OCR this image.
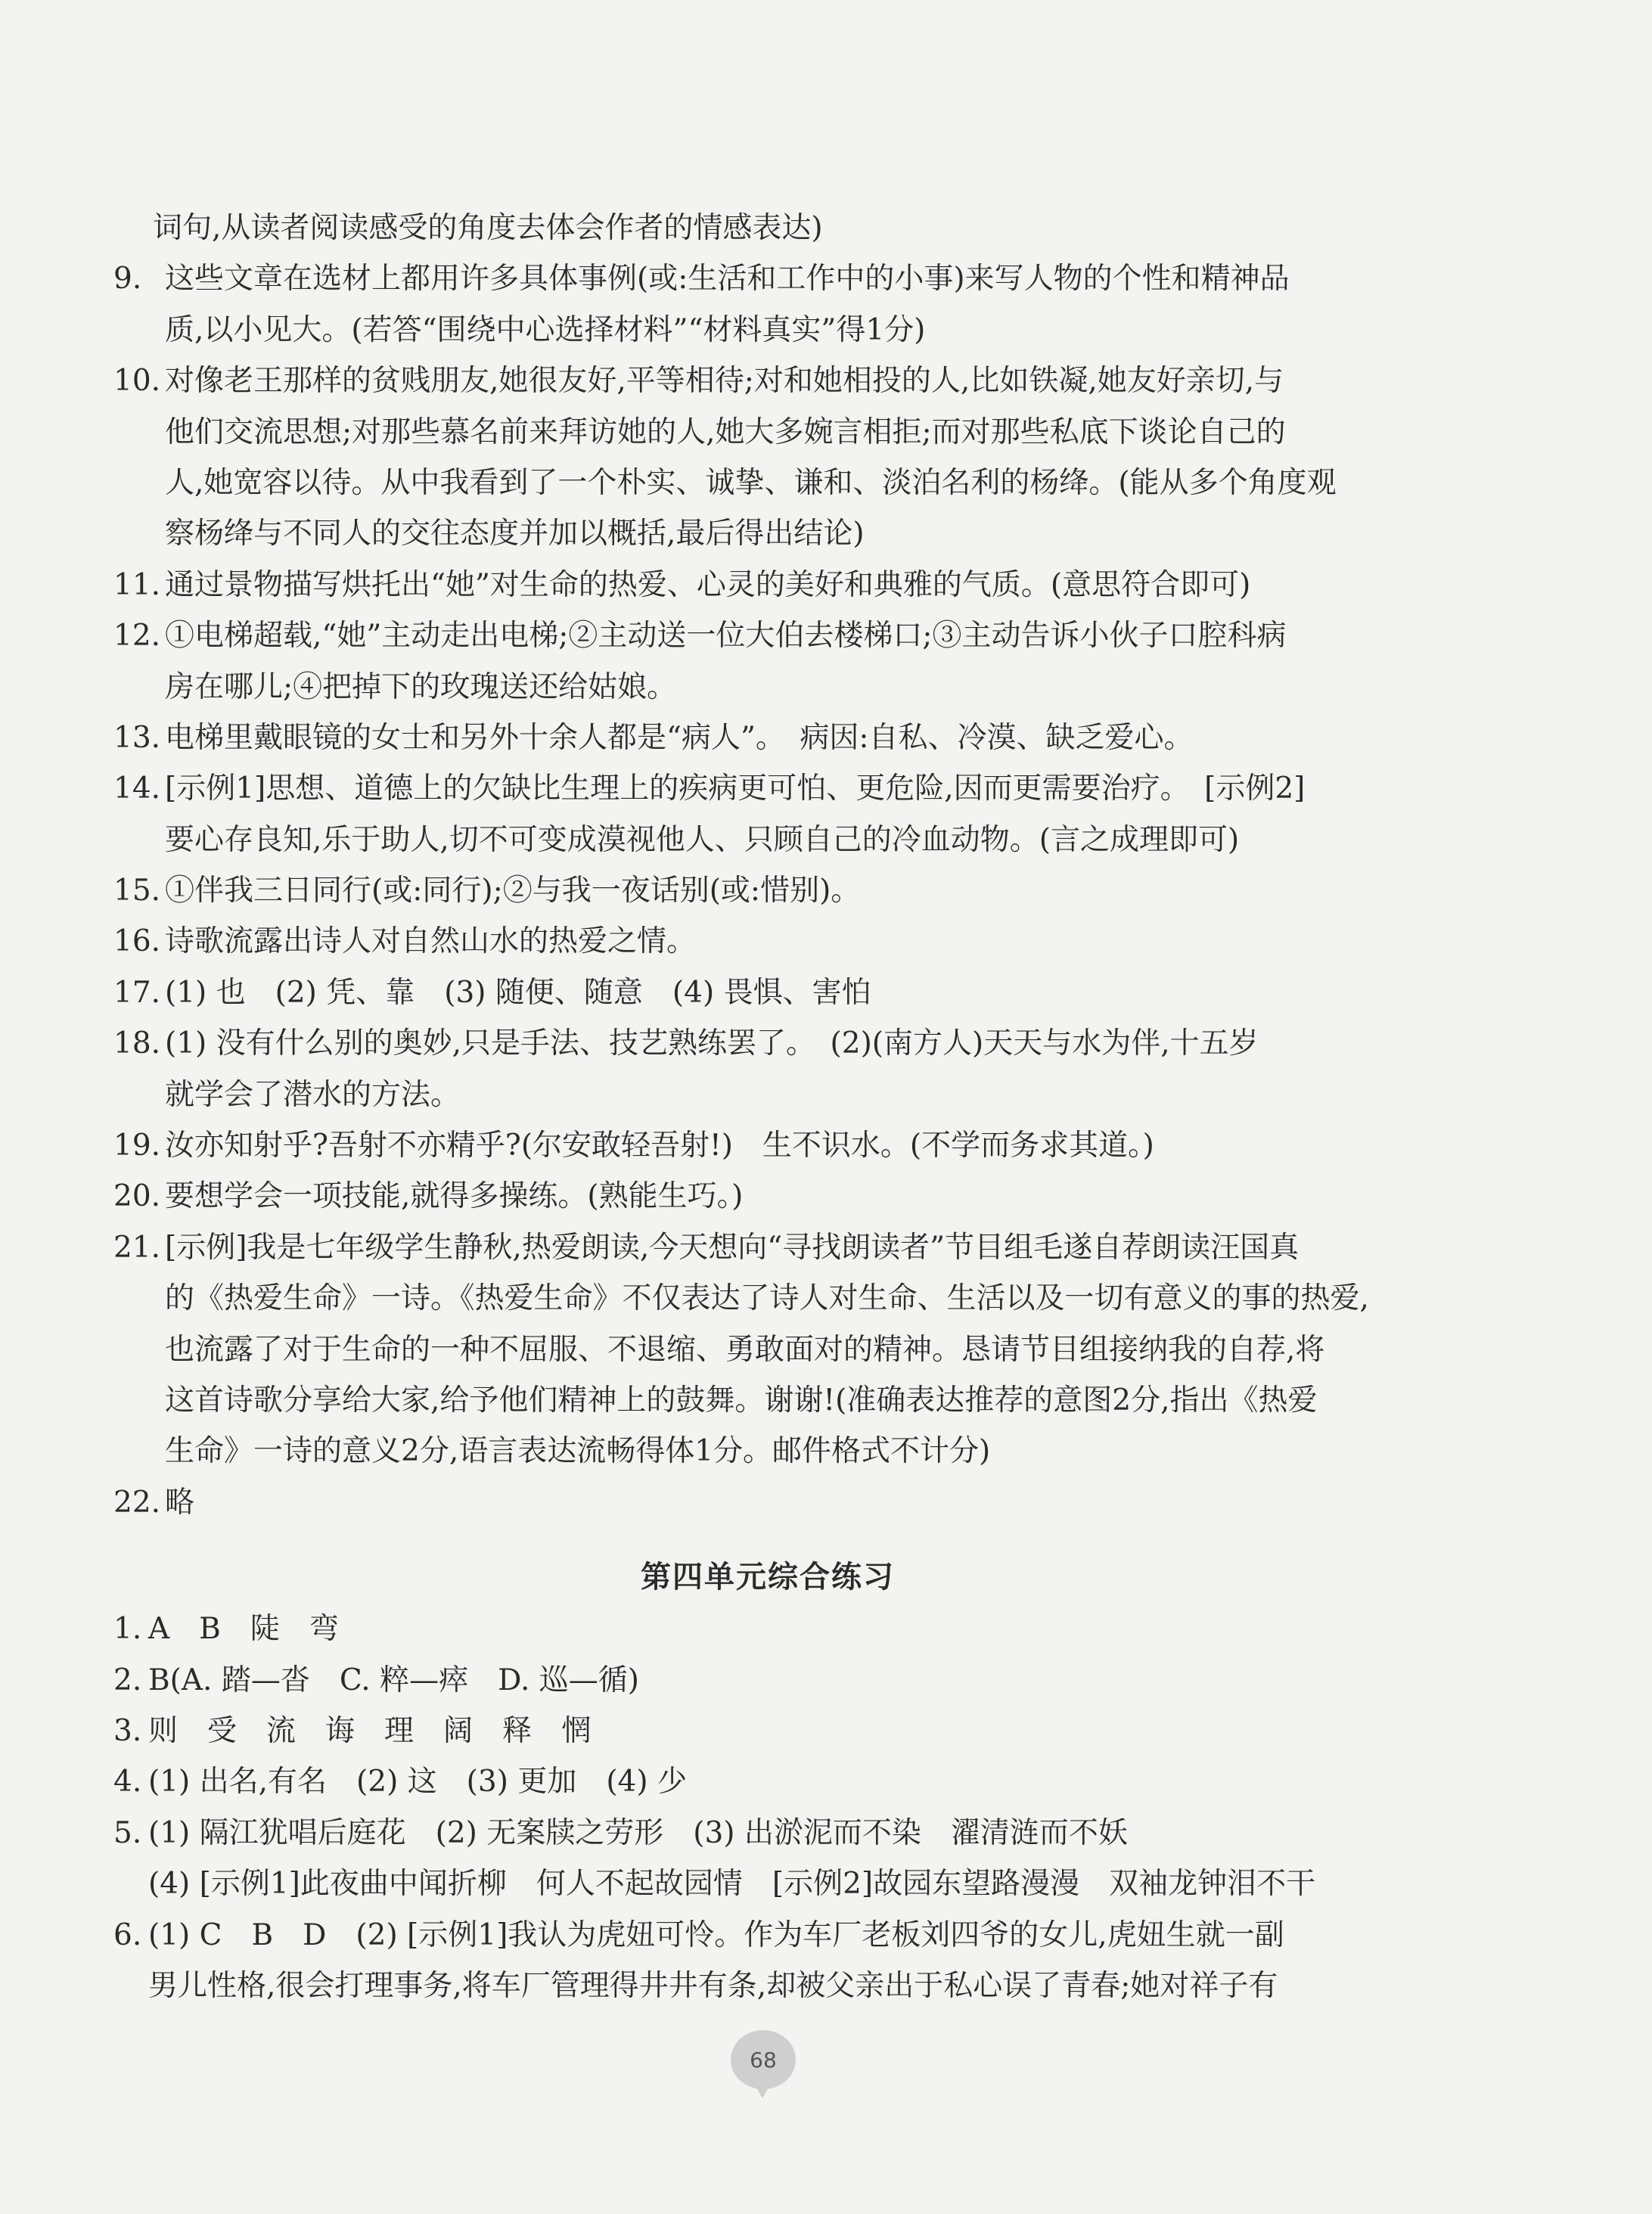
词句,从读者阅读感受的角度去体会作者的情感表达)
9. 这些文章在选材上都用许多具体事例(或:生活和工作中的小事)来写人物的个性和精神品
质,以小见大。(若答“围绕中心选择材料”“材料真实”得1分)
10. 对像老王那样的贫贱朋友,她很友好,平等相待;对和她相投的人,比如铁凝,她友好亲切,与
他们交流思想;对那些慕名前来拜访她的人,她大多婉言相拒;而对那些私底下谈论自己的
人,她宽容以待。从中我看到了一个朴实、诚挚、谦和、淡泊名利的杨绛。(能从多个角度观
察杨绛与不同人的交往态度并加以概括,最后得出结论)
11. 通过景物描写烘托出“她”对生命的热爱、心灵的美好和典雅的气质。(意思符合即可)
12. ①电梯超载,“她”主动走出电梯;②主动送一位大伯去楼梯口;③主动告诉小伙子口腔科病
房在哪儿;④把掉下的玫瑰送还给姑娘。
13. 电梯里戴眼镜的女士和另外十余人都是“病人”。　病因:自私、冷漠、缺乏爱心。
14. [示例1]思想、道德上的欠缺比生理上的疾病更可怕、更危险,因而更需要治疗。　[示例2]
要心存良知,乐于助人,切不可变成漠视他人、只顾自己的冷血动物。(言之成理即可)
15. ①伴我三日同行(或:同行);②与我一夜话别(或:惜别)。
16. 诗歌流露出诗人对自然山水的热爱之情。
17. (1) 也　(2) 凭、靠　(3) 随便、随意　(4) 畏惧、害怕
18. (1) 没有什么别的奥妙,只是手法、技艺熟练罢了。　(2)(南方人)天天与水为伴,十五岁
就学会了潜水的方法。
19. 汝亦知射乎?吾射不亦精乎?(尔安敢轻吾射!)　生不识水。(不学而务求其道。)
20. 要想学会一项技能,就得多操练。(熟能生巧。)
21. [示例]我是七年级学生静秋,热爱朗读,今天想向“寻找朗读者”节目组毛遂自荐朗读汪国真
的《热爱生命》一诗。《热爱生命》不仅表达了诗人对生命、生活以及一切有意义的事的热爱,
也流露了对于生命的一种不屈服、不退缩、勇敢面对的精神。恳请节目组接纳我的自荐,将
这首诗歌分享给大家,给予他们精神上的鼓舞。谢谢!(准确表达推荐的意图2分,指出《热爱
生命》一诗的意义2分,语言表达流畅得体1分。邮件格式不计分)
22. 略
第四单元综合练习
1. A　B　陡　弯
2. B(A. 踏—沓　C. 粹—瘁　D. 巡—循)
3. 则　受　流　诲　理　阔　释　惘
4. (1) 出名,有名　(2) 这　(3) 更加　(4) 少
5. (1) 隔江犹唱后庭花　(2) 无案牍之劳形　(3) 出淤泥而不染　濯清涟而不妖
(4) [示例1]此夜曲中闻折柳　何人不起故园情　[示例2]故园东望路漫漫　双袖龙钟泪不干
6. (1) C　B　D　(2) [示例1]我认为虎妞可怜。作为车厂老板刘四爷的女儿,虎妞生就一副
男儿性格,很会打理事务,将车厂管理得井井有条,却被父亲出于私心误了青春;她对祥子有
68
